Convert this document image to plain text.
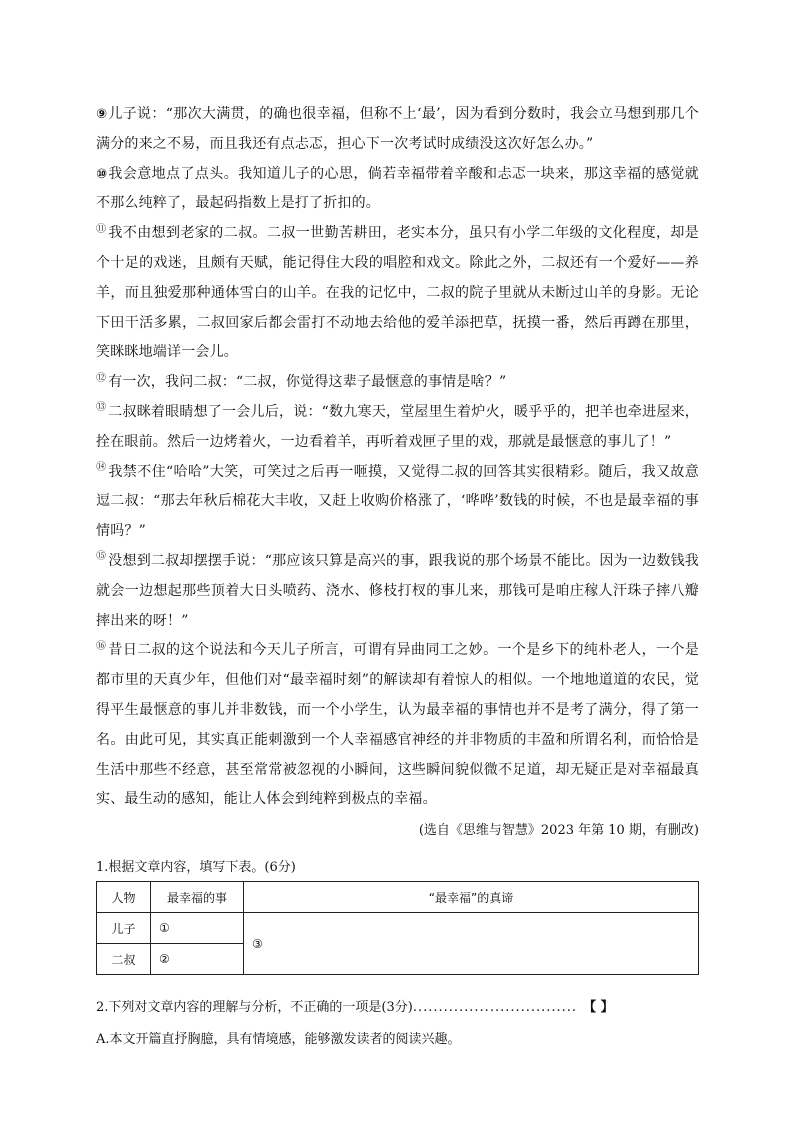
⑨儿子说：“那次大满贯，的确也很幸福，但称不上‘最’，因为看到分数时，我会立马想到那几个满分的来之不易，而且我还有点忐忑，担心下一次考试时成绩没这次好怎么办。”

⑩我会意地点了点头。我知道儿子的心思，倘若幸福带着辛酸和忐忑一块来，那这幸福的感觉就不那么纯粹了，最起码指数上是打了折扣的。

⑪ 我不由想到老家的二叔。二叔一世勤苦耕田，老实本分，虽只有小学二年级的文化程度，却是个十足的戏迷，且颇有天赋，能记得住大段的唱腔和戏文。除此之外，二叔还有一个爱好——养羊，而且独爱那种通体雪白的山羊。在我的记忆中，二叔的院子里就从未断过山羊的身影。无论下田干活多累，二叔回家后都会雷打不动地去给他的爱羊添把草，抚摸一番，然后再蹲在那里，笑眯眯地端详一会儿。

⑫ 有一次，我问二叔：“二叔，你觉得这辈子最惬意的事情是啥？”

⑬ 二叔眯着眼睛想了一会儿后，说：“数九寒天，堂屋里生着炉火，暖乎乎的，把羊也牵进屋来，拴在眼前。然后一边烤着火，一边看着羊，再听着戏匣子里的戏，那就是最惬意的事儿了！”

⑭ 我禁不住“哈哈”大笑，可笑过之后再一咂摸，又觉得二叔的回答其实很精彩。随后，我又故意逗二叔：“那去年秋后棉花大丰收，又赶上收购价格涨了，‘哗哗’数钱的时候，不也是最幸福的事情吗？”

⑮ 没想到二叔却摆摆手说：“那应该只算是高兴的事，跟我说的那个场景不能比。因为一边数钱我就会一边想起那些顶着大日头喷药、浇水、修枝打杈的事儿来，那钱可是咱庄稼人汗珠子摔八瓣摔出来的呀！”

⑯ 昔日二叔的这个说法和今天儿子所言，可谓有异曲同工之妙。一个是乡下的纯朴老人，一个是都市里的天真少年，但他们对“最幸福时刻”的解读却有着惊人的相似。一个地地道道的农民，觉得平生最惬意的事儿并非数钱，而一个小学生，认为最幸福的事情也并不是考了满分，得了第一名。由此可见，其实真正能刺激到一个人幸福感官神经的并非物质的丰盈和所谓名利，而恰恰是生活中那些不经意，甚至常常被忽视的小瞬间，这些瞬间貌似微不足道，却无疑正是对幸福最真实、最生动的感知，能让人体会到纯粹到极点的幸福。

(选自《思维与智慧》2023 年第 10 期，有删改)

1.根据文章内容，填写下表。(6分)

人物	最幸福的事	“最幸福”的真谛
儿子	①	③
二叔	②	
2.下列对文章内容的理解与分析，不正确的一项是(3分) ................................ 【 】

A.本文开篇直抒胸臆，具有情境感，能够激发读者的阅读兴趣。
